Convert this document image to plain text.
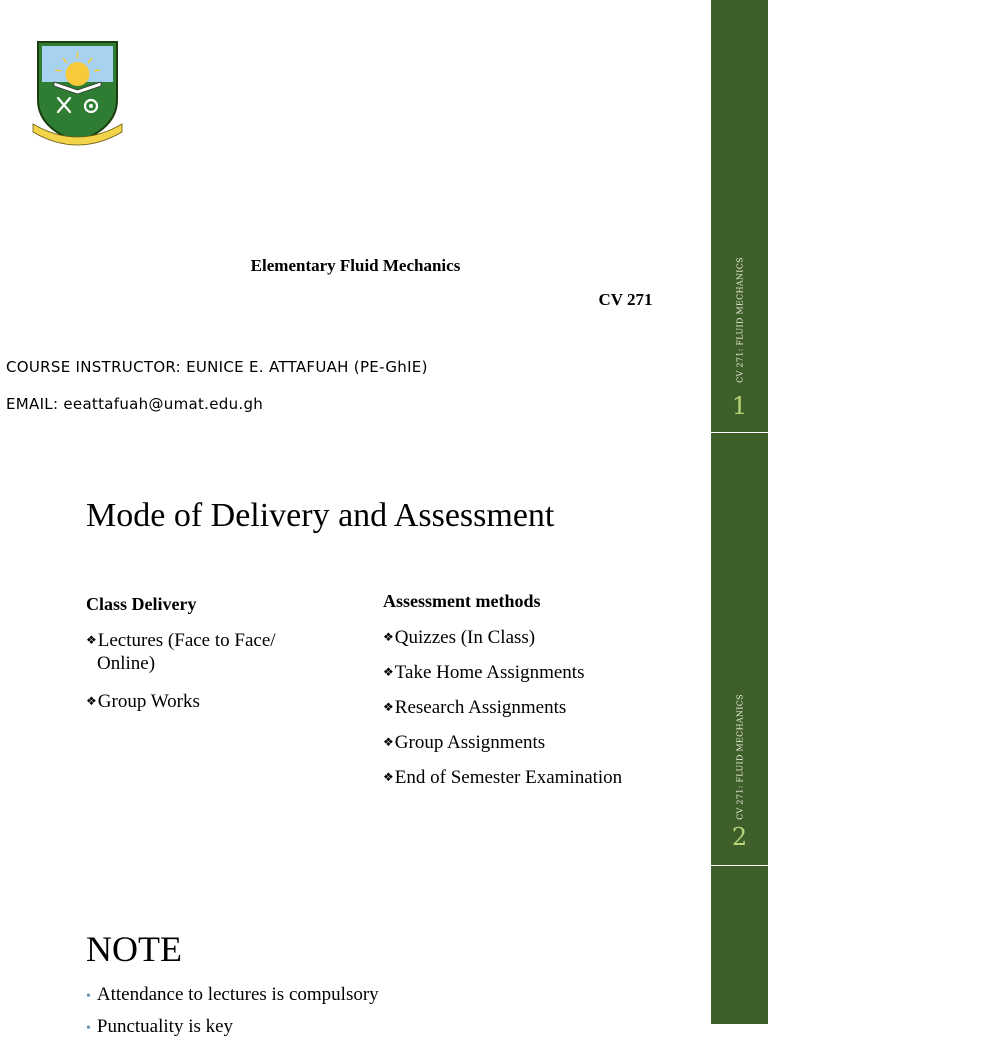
Elementary Fluid Mechanics
CV 271
COURSE INSTRUCTOR: EUNICE E. ATTAFUAH (PE-GhIE)
EMAIL: eeattafuah@umat.edu.gh
CV 271: FLUID MECHANICS
1
Mode of Delivery and Assessment
Class Delivery
❖Lectures (Face to Face/
Online)
❖Group Works
Assessment methods
❖Quizzes (In Class)
❖Take Home Assignments
❖Research Assignments
❖Group Assignments
❖End of Semester Examination	CV 271: FLUID MECHANICS
2
NOTE
• Attendance to lectures is compulsory
• Punctuality is key
